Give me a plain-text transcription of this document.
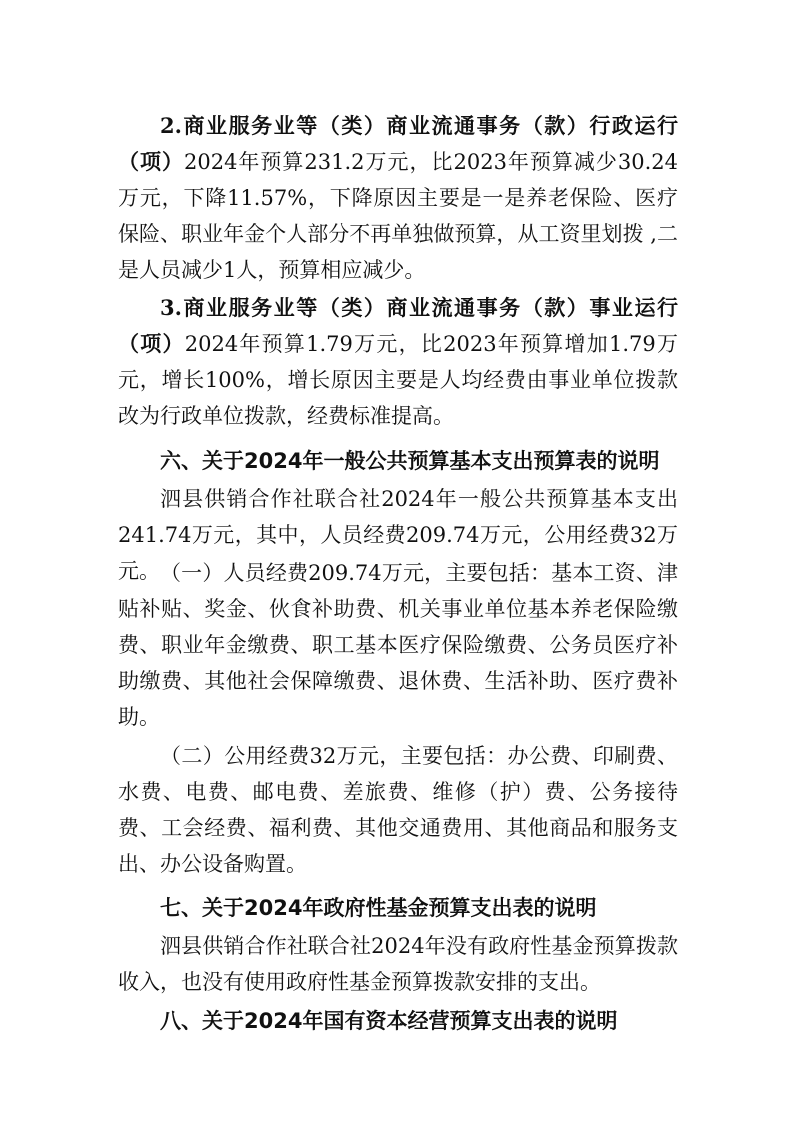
2.商业服务业等（类）商业流通事务（款）行政运行（项）2024年预算231.2万元，比2023年预算减少30.24万元，下降11.57%，下降原因主要是一是养老保险、医疗保险、职业年金个人部分不再单独做预算，从工资里划拨 ,二是人员减少1人，预算相应减少。

3.商业服务业等（类）商业流通事务（款）事业运行（项）2024年预算1.79万元，比2023年预算增加1.79万元，增长100%，增长原因主要是人均经费由事业单位拨款改为行政单位拨款，经费标准提高。

六、关于2024年一般公共预算基本支出预算表的说明

泗县供销合作社联合社2024年一般公共预算基本支出241.74万元，其中，人员经费209.74万元，公用经费32万元。 （一）人员经费209.74万元，主要包括：基本工资、津贴补贴、奖金、伙食补助费、机关事业单位基本养老保险缴费、职业年金缴费、职工基本医疗保险缴费、公务员医疗补助缴费、其他社会保障缴费、退休费、生活补助、医疗费补助。

（二）公用经费32万元，主要包括：办公费、印刷费、水费、电费、邮电费、差旅费、维修（护）费、公务接待费、工会经费、福利费、其他交通费用、其他商品和服务支出、办公设备购置。

七、关于2024年政府性基金预算支出表的说明

泗县供销合作社联合社2024年没有政府性基金预算拨款收入，也没有使用政府性基金预算拨款安排的支出。

八、关于2024年国有资本经营预算支出表的说明
